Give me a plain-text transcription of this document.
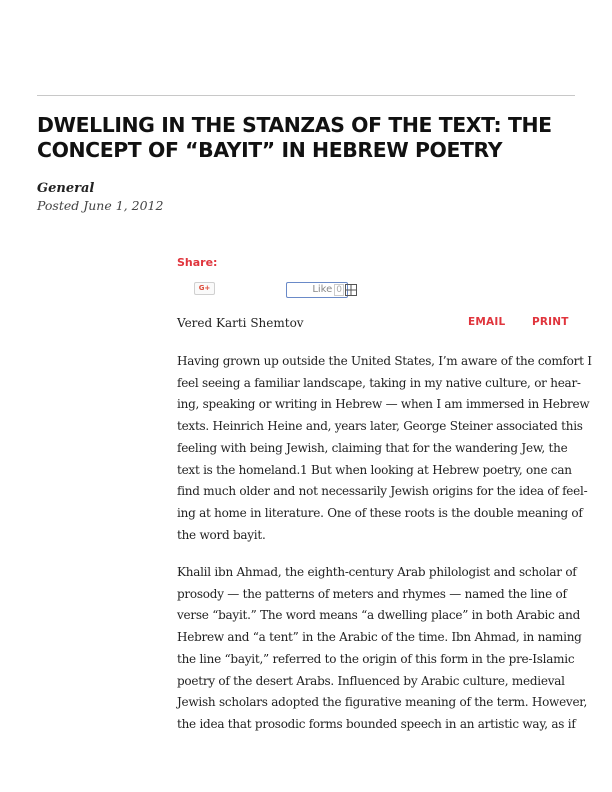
DWELLING IN THE STANZAS OF THE TEXT: THE CONCEPT OF “BAYIT” IN HEBREW POETRY
General
Posted June 1, 2012
Share:
G+	Like 0
Vered Karti Shemtov	EMAIL	PRINT

Having grown up outside the United States, I’m aware of the comfort I
feel seeing a familiar landscape, taking in my native culture, or hear-
ing, speaking or writing in Hebrew — when I am immersed in Hebrew
texts. Heinrich Heine and, years later, George Steiner associated this
feeling with being Jewish, claiming that for the wandering Jew, the
text is the homeland.1 But when looking at Hebrew poetry, one can
find much older and not necessarily Jewish origins for the idea of feel-
ing at home in literature. One of these roots is the double meaning of
the word bayit.

Khalil ibn Ahmad, the eighth-century Arab philologist and scholar of
prosody — the patterns of meters and rhymes — named the line of
verse “bayit.” The word means “a dwelling place” in both Arabic and
Hebrew and “a tent” in the Arabic of the time. Ibn Ahmad, in naming
the line “bayit,” referred to the origin of this form in the pre-Islamic
poetry of the desert Arabs. Influenced by Arabic culture, medieval
Jewish scholars adopted the figurative meaning of the term. However,
the idea that prosodic forms bounded speech in an artistic way, as if
